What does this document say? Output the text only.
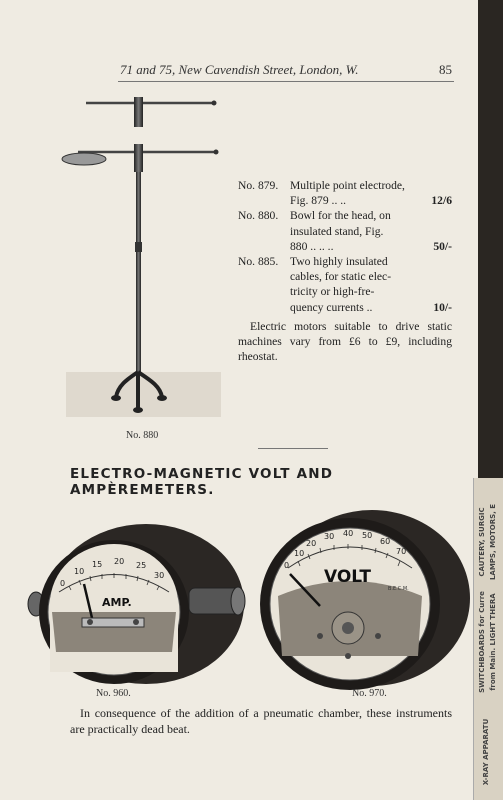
71 and 75, New Cavendish Street, London, W.	85
No. 879.	Multiple point electrode,
Fig. 879 .. ..	12/6
No. 880.	Bowl for the head, on
insulated stand, Fig.
880 .. .. ..	50/-
No. 885.	Two highly insulated
cables, for static elec-
tricity or high-fre-
quency currents ..	10/-
Electric motors suitable to drive static machines vary from £6 to £9, including rheostat.
No. 880
ELECTRO-MAGNETIC VOLT AND AMPÈREMETERS.
0
10
15 20 25
30
AMP.
0
10
20
30 40 50
60
70
VOLT
B.E.C.M.
No. 960.	No. 970.
In consequence of the addition of a pneumatic chamber, these instruments are practically dead beat.
CAUTERY, SURGIC LAMPS, MOTORS, E
SWITCHBOARDS for Curre from Main. LIGHT THERA
X-RAY APPARATU
